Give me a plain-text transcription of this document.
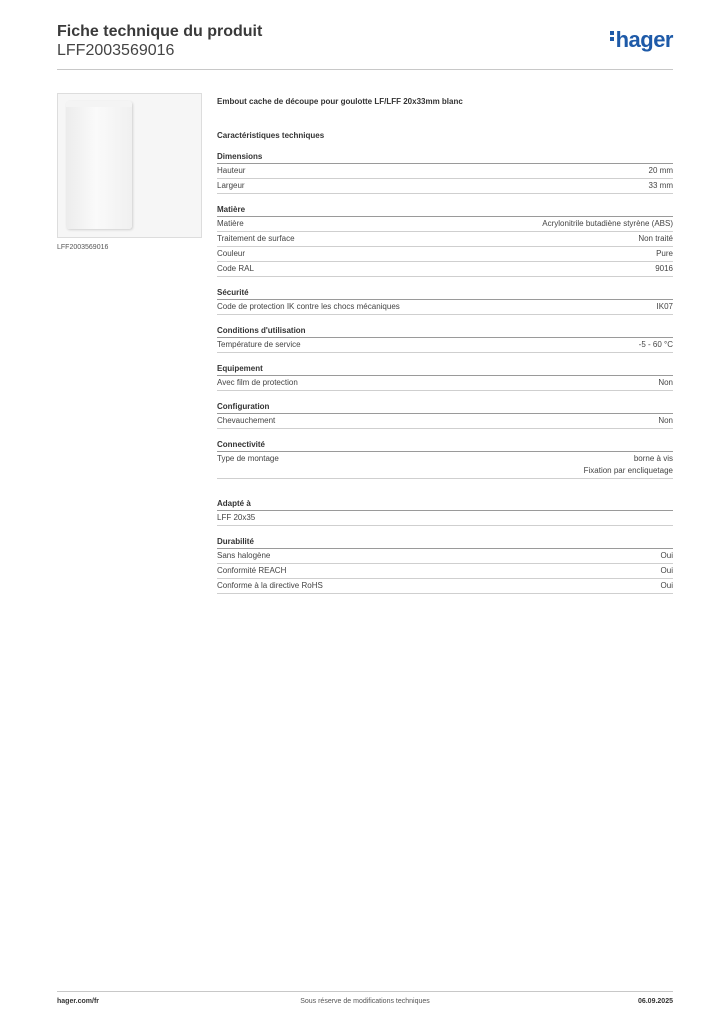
Fiche technique du produit
LFF2003569016	hager
LFF2003569016
Embout cache de découpe pour goulotte LF/LFF 20x33mm blanc
Caractéristiques techniques
Dimensions
Hauteur	20 mm
Largeur	33 mm
Matière
Matière	Acrylonitrile butadiène styrène (ABS)
Traitement de surface	Non traité
Couleur	Pure
Code RAL	9016
Sécurité
Code de protection IK contre les chocs mécaniques	IK07
Conditions d'utilisation
Température de service	-5 - 60 °C
Equipement
Avec film de protection	Non
Configuration
Chevauchement	Non
Connectivité
Type de montage	borne à vis
Fixation par encliquetage
Adapté à
LFF 20x35
Durabilité
Sans halogène	Oui
Conformité REACH	Oui
Conforme à la directive RoHS	Oui
hager.com/fr	Sous réserve de modifications techniques	06.09.2025
